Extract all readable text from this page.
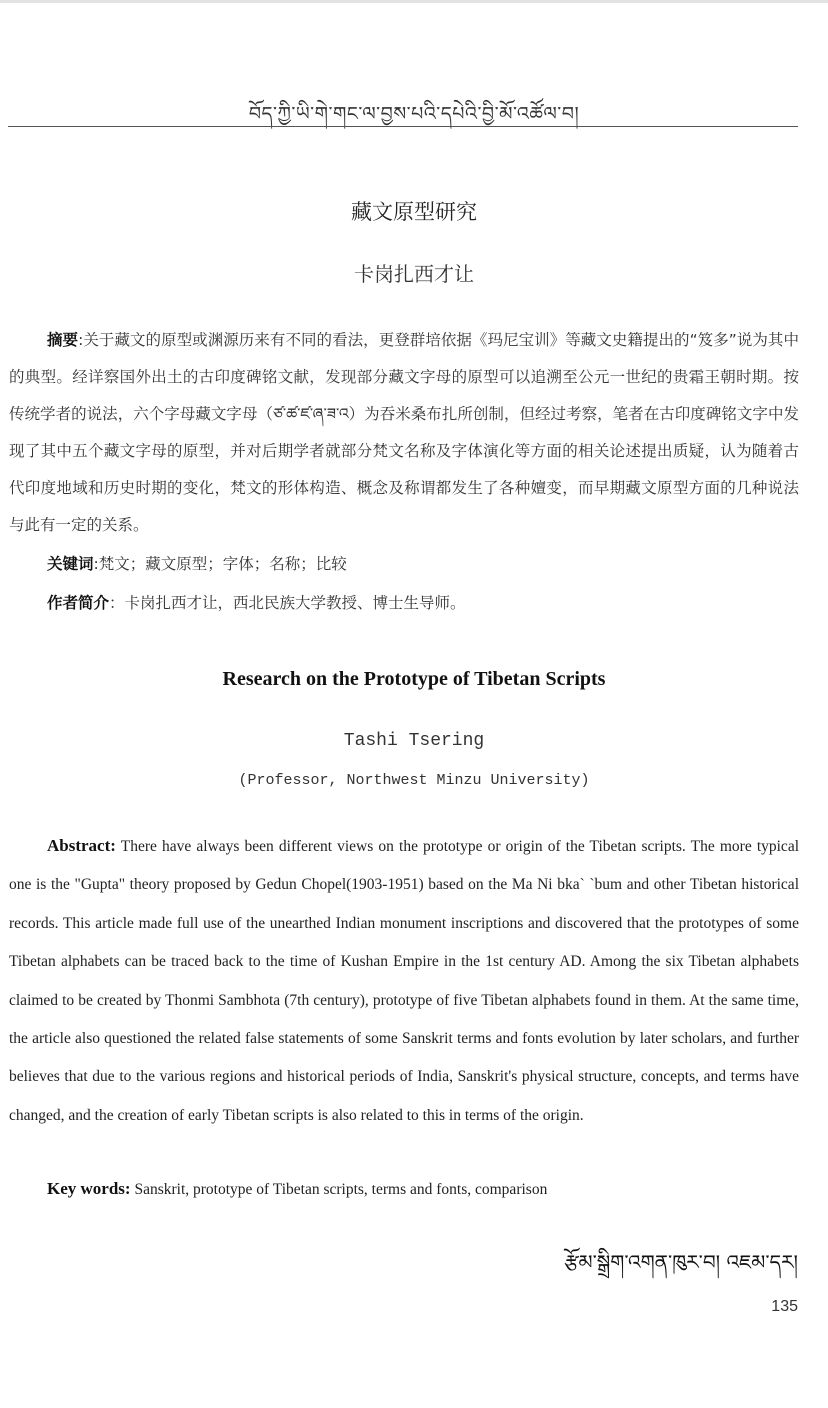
བོད་ཀྱི་ཡི་གེ་གང་ལ་བྱས་པའི་དཔེའི་བྱི་མོ་འཚོལ་བ།
藏文原型研究
卡岗扎西才让

摘要:关于藏文的原型或渊源历来有不同的看法，更登群培依据《玛尼宝训》等藏文史籍提出的“笈多”说为其中的典型。经详察国外出土的古印度碑铭文献，发现部分藏文字母的原型可以追溯至公元一世纪的贵霜王朝时期。按传统学者的说法，六个字母藏文字母（ཙ་ཚ་ཛ་ཞ་ཟ་འ）为吞米桑布扎所创制，但经过考察，笔者在古印度碑铭文字中发现了其中五个藏文字母的原型，并对后期学者就部分梵文名称及字体演化等方面的相关论述提出质疑，认为随着古代印度地域和历史时期的变化，梵文的形体构造、概念及称谓都发生了各种嬗变，而早期藏文原型方面的几种说法与此有一定的关系。

关键词:梵文；藏文原型；字体；名称；比较
作者简介：卡岗扎西才让，西北民族大学教授、博士生导师。
Research on the Prototype of Tibetan Scripts
Tashi Tsering
(Professor, Northwest Minzu University)

Abstract: There have always been different views on the prototype or origin of the Tibetan scripts. The more typical one is the "Gupta" theory proposed by Gedun Chopel(1903-1951) based on the Ma Ni bka` `bum and other Tibetan historical records. This article made full use of the unearthed Indian monument inscriptions and discovered that the prototypes of some Tibetan alphabets can be traced back to the time of Kushan Empire in the 1st century AD. Among the six Tibetan alphabets claimed to be created by Thonmi Sambhota (7th century), prototype of five Tibetan alphabets found in them. At the same time, the article also questioned the related false statements of some Sanskrit terms and fonts evolution by later scholars, and further believes that due to the various regions and historical periods of India, Sanskrit's physical structure, concepts, and terms have changed, and the creation of early Tibetan scripts is also related to this in terms of the origin.

Key words: Sanskrit, prototype of Tibetan scripts, terms and fonts, comparison
རྩོམ་སྒྲིག་འགན་ཁུར་བ། འཇམ་དར།
135
